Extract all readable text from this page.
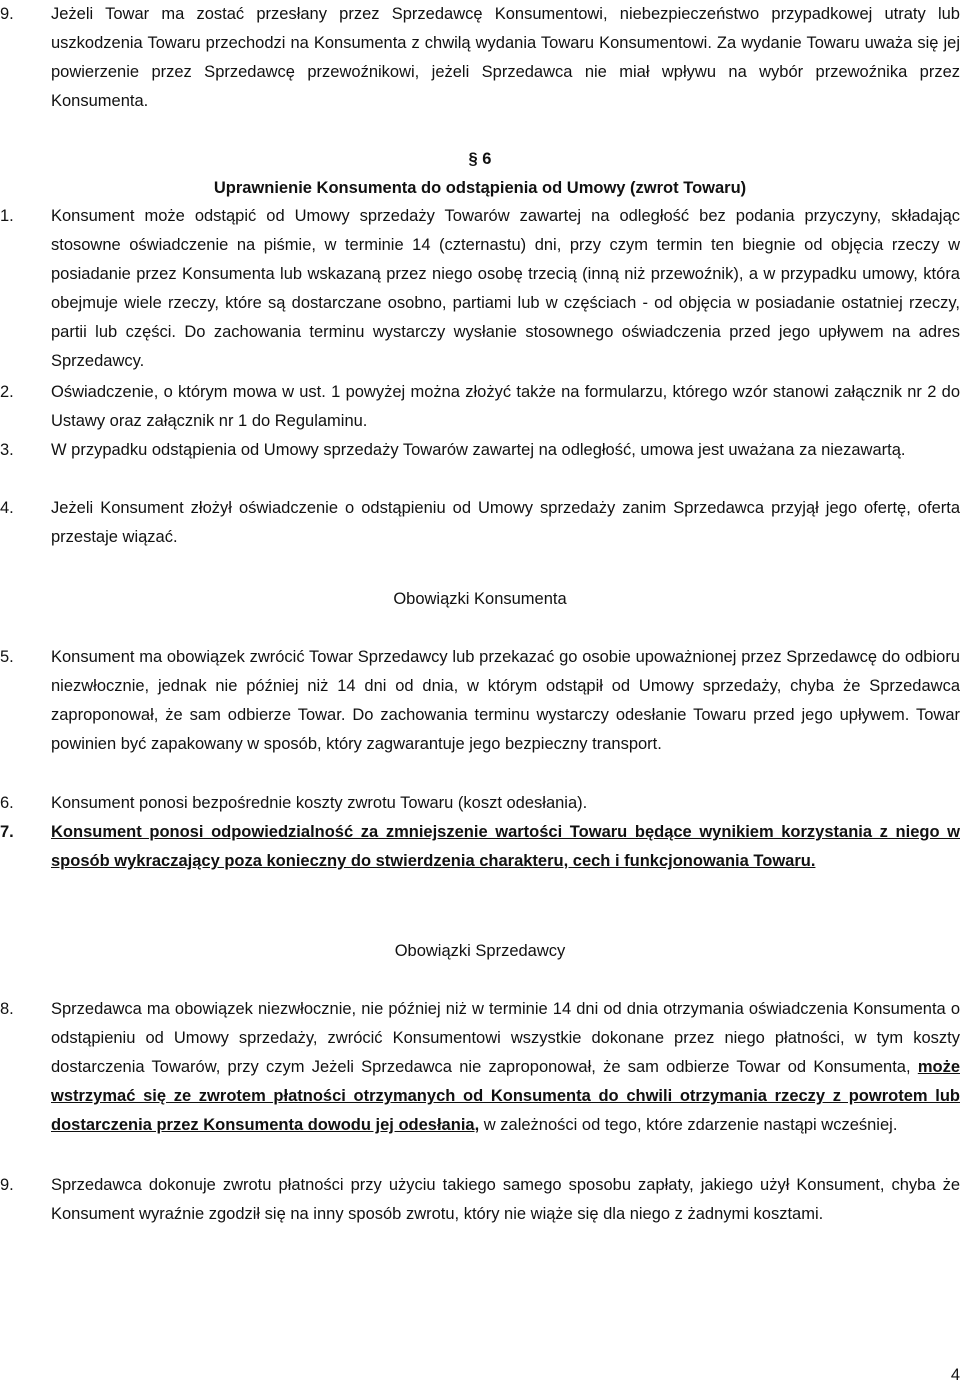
9. Jeżeli Towar ma zostać przesłany przez Sprzedawcę Konsumentowi, niebezpieczeństwo przypadkowej utraty lub uszkodzenia Towaru przechodzi na Konsumenta z chwilą wydania Towaru Konsumentowi. Za wydanie Towaru uważa się jej powierzenie przez Sprzedawcę przewoźnikowi, jeżeli Sprzedawca nie miał wpływu na wybór przewoźnika przez Konsumenta.
§ 6
Uprawnienie Konsumenta do odstąpienia od Umowy (zwrot Towaru)
1. Konsument może odstąpić od Umowy sprzedaży Towarów zawartej na odległość bez podania przyczyny, składając stosowne oświadczenie na piśmie, w terminie 14 (czternastu) dni, przy czym termin ten biegnie od objęcia rzeczy w posiadanie przez Konsumenta lub wskazaną przez niego osobę trzecią (inną niż przewoźnik), a w przypadku umowy, która obejmuje wiele rzeczy, które są dostarczane osobno, partiami lub w częściach - od objęcia w posiadanie ostatniej rzeczy, partii lub części. Do zachowania terminu wystarczy wysłanie stosownego oświadczenia przed jego upływem na adres Sprzedawcy.
2. Oświadczenie, o którym mowa w ust. 1 powyżej można złożyć także na formularzu, którego wzór stanowi załącznik nr 2 do Ustawy oraz załącznik nr 1 do Regulaminu.
3. W przypadku odstąpienia od Umowy sprzedaży Towarów zawartej na odległość, umowa jest uważana za niezawartą.
4. Jeżeli Konsument złożył oświadczenie o odstąpieniu od Umowy sprzedaży zanim Sprzedawca przyjął jego ofertę, oferta przestaje wiązać.
Obowiązki Konsumenta
5. Konsument ma obowiązek zwrócić Towar Sprzedawcy lub przekazać go osobie upoważnionej przez Sprzedawcę do odbioru niezwłocznie, jednak nie później niż 14 dni od dnia, w którym odstąpił od Umowy sprzedaży, chyba że Sprzedawca zaproponował, że sam odbierze Towar. Do zachowania terminu wystarczy odesłanie Towaru przed jego upływem. Towar powinien być zapakowany w sposób, który zagwarantuje jego bezpieczny transport.
6. Konsument ponosi bezpośrednie koszty zwrotu Towaru (koszt odesłania).
7. Konsument ponosi odpowiedzialność za zmniejszenie wartości Towaru będące wynikiem korzystania z niego w sposób wykraczający poza konieczny do stwierdzenia charakteru, cech i funkcjonowania Towaru.
Obowiązki Sprzedawcy
8. Sprzedawca ma obowiązek niezwłocznie, nie później niż w terminie 14 dni od dnia otrzymania oświadczenia Konsumenta o odstąpieniu od Umowy sprzedaży, zwrócić Konsumentowi wszystkie dokonane przez niego płatności, w tym koszty dostarczenia Towarów, przy czym Jeżeli Sprzedawca nie zaproponował, że sam odbierze Towar od Konsumenta, może wstrzymać się ze zwrotem płatności otrzymanych od Konsumenta do chwili otrzymania rzeczy z powrotem lub dostarczenia przez Konsumenta dowodu jej odesłania, w zależności od tego, które zdarzenie nastąpi wcześniej.
9. Sprzedawca dokonuje zwrotu płatności przy użyciu takiego samego sposobu zapłaty, jakiego użył Konsument, chyba że Konsument wyraźnie zgodził się na inny sposób zwrotu, który nie wiąże się dla niego z żadnymi kosztami.
4
